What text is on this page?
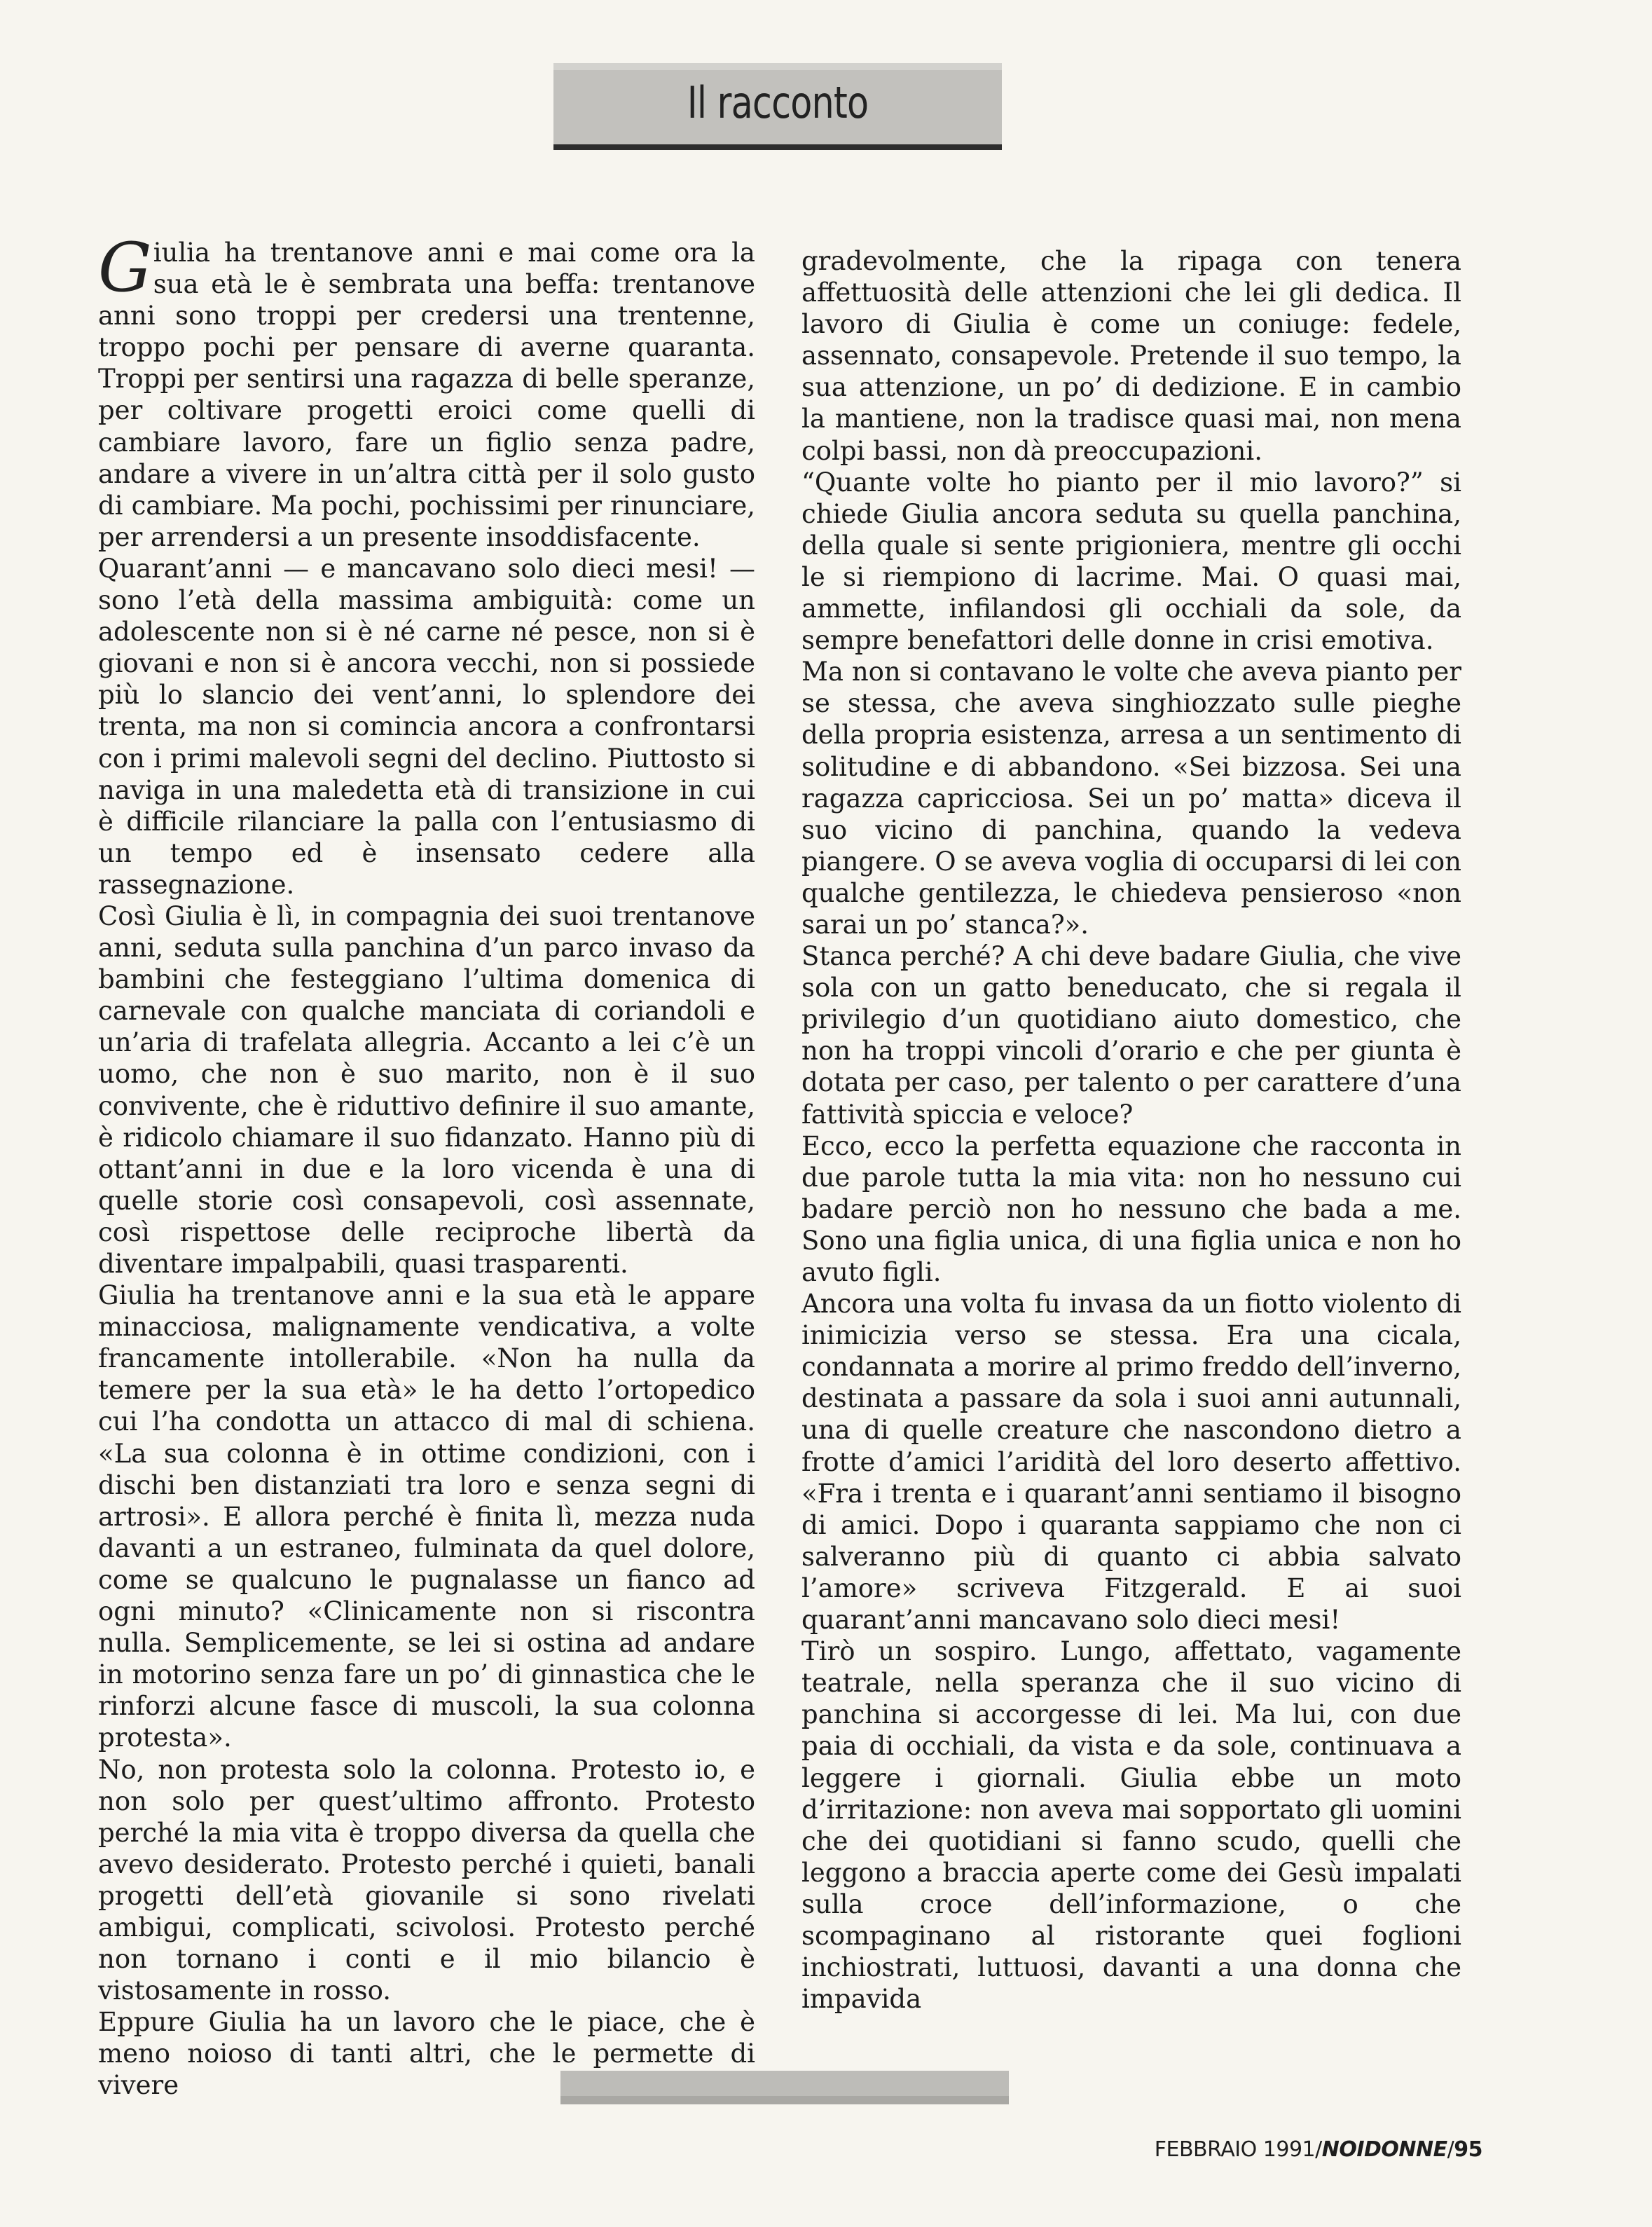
Il racconto

Giulia ha trentanove anni e mai come ora la sua età le è sembrata una beffa: trentanove anni sono troppi per credersi una trentenne, troppo pochi per pensare di averne quaranta. Troppi per sentirsi una ragazza di belle speranze, per coltivare progetti eroici come quelli di cambiare lavoro, fare un figlio senza padre, andare a vivere in un’altra città per il solo gusto di cambiare. Ma pochi, pochissimi per rinunciare, per arrendersi a un presente insoddisfacente.

Quarant’anni — e mancavano solo dieci mesi! — sono l’età della massima ambiguità: come un adolescente non si è né carne né pesce, non si è giovani e non si è ancora vecchi, non si possiede più lo slancio dei vent’anni, lo splendore dei trenta, ma non si comincia ancora a confrontarsi con i primi malevoli segni del declino. Piuttosto si naviga in una maledetta età di transizione in cui è difficile rilanciare la palla con l’entusiasmo di un tempo ed è insensato cedere alla rassegnazione.

Così Giulia è lì, in compagnia dei suoi trentanove anni, seduta sulla panchina d’un parco invaso da bambini che festeggiano l’ultima domenica di carnevale con qualche manciata di coriandoli e un’aria di trafelata allegria. Accanto a lei c’è un uomo, che non è suo marito, non è il suo convivente, che è riduttivo definire il suo amante, è ridicolo chiamare il suo fidanzato. Hanno più di ottant’anni in due e la loro vicenda è una di quelle storie così consapevoli, così assennate, così rispettose delle reciproche libertà da diventare impalpabili, quasi trasparenti.

Giulia ha trentanove anni e la sua età le appare minacciosa, malignamente vendicativa, a volte francamente intollerabile. «Non ha nulla da temere per la sua età» le ha detto l’ortopedico cui l’ha condotta un attacco di mal di schiena. «La sua colonna è in ottime condizioni, con i dischi ben distanziati tra loro e senza segni di artrosi». E allora perché è finita lì, mezza nuda davanti a un estraneo, fulminata da quel dolore, come se qualcuno le pugnalasse un fianco ad ogni minuto? «Clinicamente non si riscontra nulla. Semplicemente, se lei si ostina ad andare in motorino senza fare un po’ di ginnastica che le rinforzi alcune fasce di muscoli, la sua colonna protesta».

No, non protesta solo la colonna. Protesto io, e non solo per quest’ultimo affronto. Protesto perché la mia vita è troppo diversa da quella che avevo desiderato. Protesto perché i quieti, banali progetti dell’età giovanile si sono rivelati ambigui, complicati, scivolosi. Protesto perché non tornano i conti e il mio bilancio è vistosamente in rosso.

Eppure Giulia ha un lavoro che le piace, che è meno noioso di tanti altri, che le permette di vivere

gradevolmente, che la ripaga con tenera affettuosità delle attenzioni che lei gli dedica. Il lavoro di Giulia è come un coniuge: fedele, assennato, consapevole. Pretende il suo tempo, la sua attenzione, un po’ di dedizione. E in cambio la mantiene, non la tradisce quasi mai, non mena colpi bassi, non dà preoccupazioni.

“Quante volte ho pianto per il mio lavoro?” si chiede Giulia ancora seduta su quella panchina, della quale si sente prigioniera, mentre gli occhi le si riempiono di lacrime. Mai. O quasi mai, ammette, infilandosi gli occhiali da sole, da sempre benefattori delle donne in crisi emotiva.

Ma non si contavano le volte che aveva pianto per se stessa, che aveva singhiozzato sulle pieghe della propria esistenza, arresa a un sentimento di solitudine e di abbandono. «Sei bizzosa. Sei una ragazza capricciosa. Sei un po’ matta» diceva il suo vicino di panchina, quando la vedeva piangere. O se aveva voglia di occuparsi di lei con qualche gentilezza, le chiedeva pensieroso «non sarai un po’ stanca?».

Stanca perché? A chi deve badare Giulia, che vive sola con un gatto beneducato, che si regala il privilegio d’un quotidiano aiuto domestico, che non ha troppi vincoli d’orario e che per giunta è dotata per caso, per talento o per carattere d’una fattività spiccia e veloce?

Ecco, ecco la perfetta equazione che racconta in due parole tutta la mia vita: non ho nessuno cui badare perciò non ho nessuno che bada a me. Sono una figlia unica, di una figlia unica e non ho avuto figli.

Ancora una volta fu invasa da un fiotto violento di inimicizia verso se stessa. Era una cicala, condannata a morire al primo freddo dell’inverno, destinata a passare da sola i suoi anni autunnali, una di quelle creature che nascondono dietro a frotte d’amici l’aridità del loro deserto affettivo. «Fra i trenta e i quarant’anni sentiamo il bisogno di amici. Dopo i quaranta sappiamo che non ci salveranno più di quanto ci abbia salvato l’amore» scriveva Fitzgerald. E ai suoi quarant’anni mancavano solo dieci mesi!

Tirò un sospiro. Lungo, affettato, vagamente teatrale, nella speranza che il suo vicino di panchina si accorgesse di lei. Ma lui, con due paia di occhiali, da vista e da sole, continuava a leggere i giornali. Giulia ebbe un moto d’irritazione: non aveva mai sopportato gli uomini che dei quotidiani si fanno scudo, quelli che leggono a braccia aperte come dei Gesù impalati sulla croce dell’informazione, o che scompaginano al ristorante quei foglioni inchiostrati, luttuosi, davanti a una donna che impavida

FEBBRAIO 1991/NOIDONNE/95
